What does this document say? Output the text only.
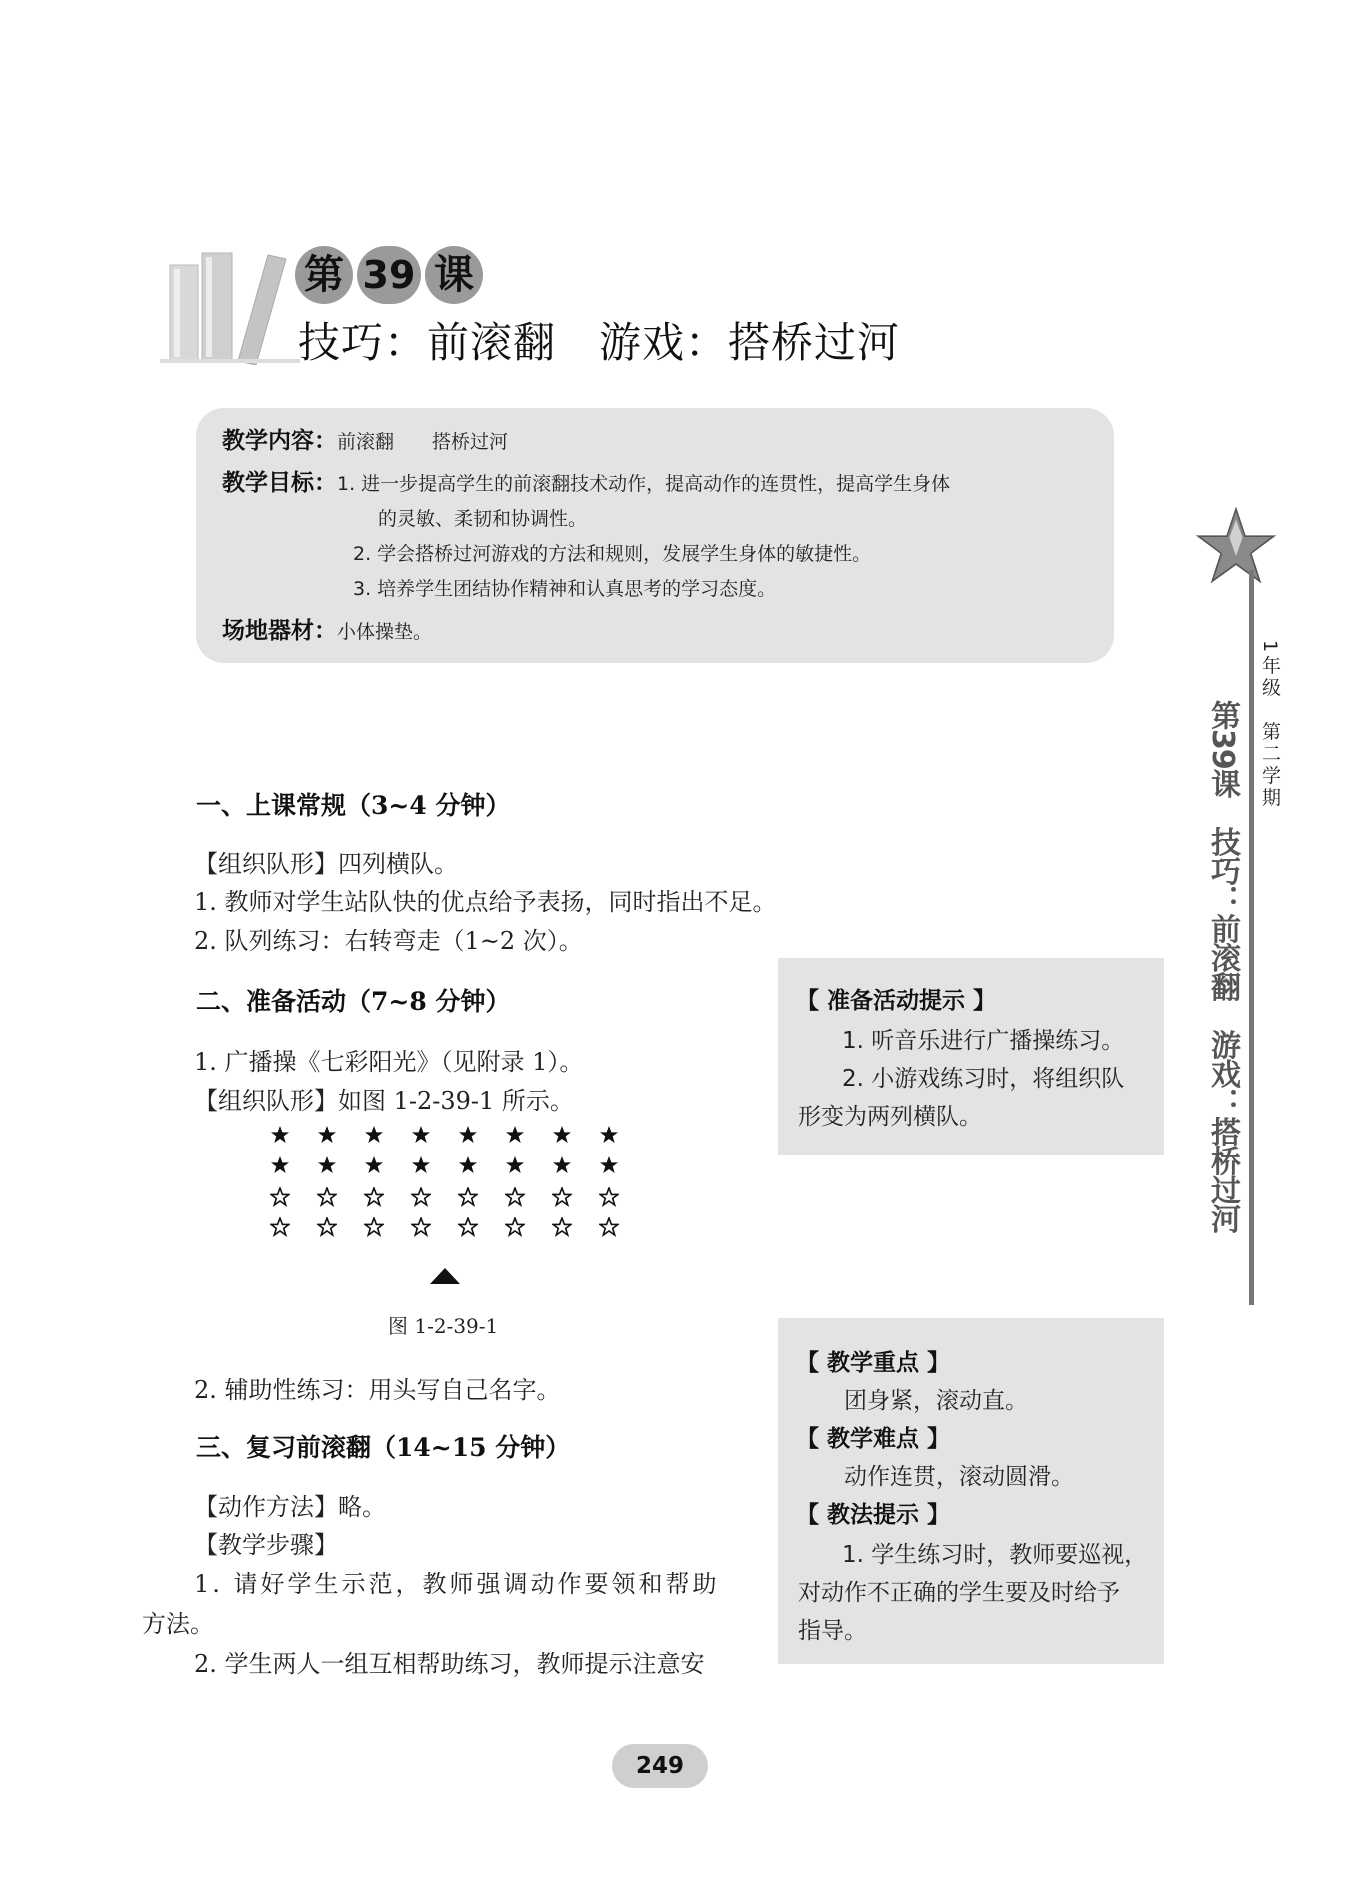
第 39 课
技巧：前滚翻　游戏：搭桥过河
教学内容：前滚翻　　搭桥过河
教学目标：1. 进一步提高学生的前滚翻技术动作，提高动作的连贯性，提高学生身体
的灵敏、柔韧和协调性。
2. 学会搭桥过河游戏的方法和规则，发展学生身体的敏捷性。
3. 培养学生团结协作精神和认真思考的学习态度。
场地器材：小体操垫。
1年级　第二学期
第39课　技巧：前滚翻　游戏：搭桥过河
一、上课常规（3~4 分钟）
【组织队形】四列横队。
1. 教师对学生站队快的优点给予表扬，同时指出不足。
2. 队列练习：右转弯走（1~2 次）。
二、准备活动（7~8 分钟）
1. 广播操《七彩阳光》（见附录 1）。
【组织队形】如图 1-2-39-1 所示。
图 1-2-39-1
2. 辅助性练习：用头写自己名字。
三、复习前滚翻（14~15 分钟）
【动作方法】略。
【教学步骤】
1. 请好学生示范，教师强调动作要领和帮助
方法。
2. 学生两人一组互相帮助练习，教师提示注意安
【 准备活动提示 】
1. 听音乐进行广播操练习。
2. 小游戏练习时，将组织队
形变为两列横队。
【 教学重点 】
团身紧，滚动直。
【 教学难点 】
动作连贯，滚动圆滑。
【 教法提示 】
1. 学生练习时，教师要巡视，
对动作不正确的学生要及时给予
指导。
249
